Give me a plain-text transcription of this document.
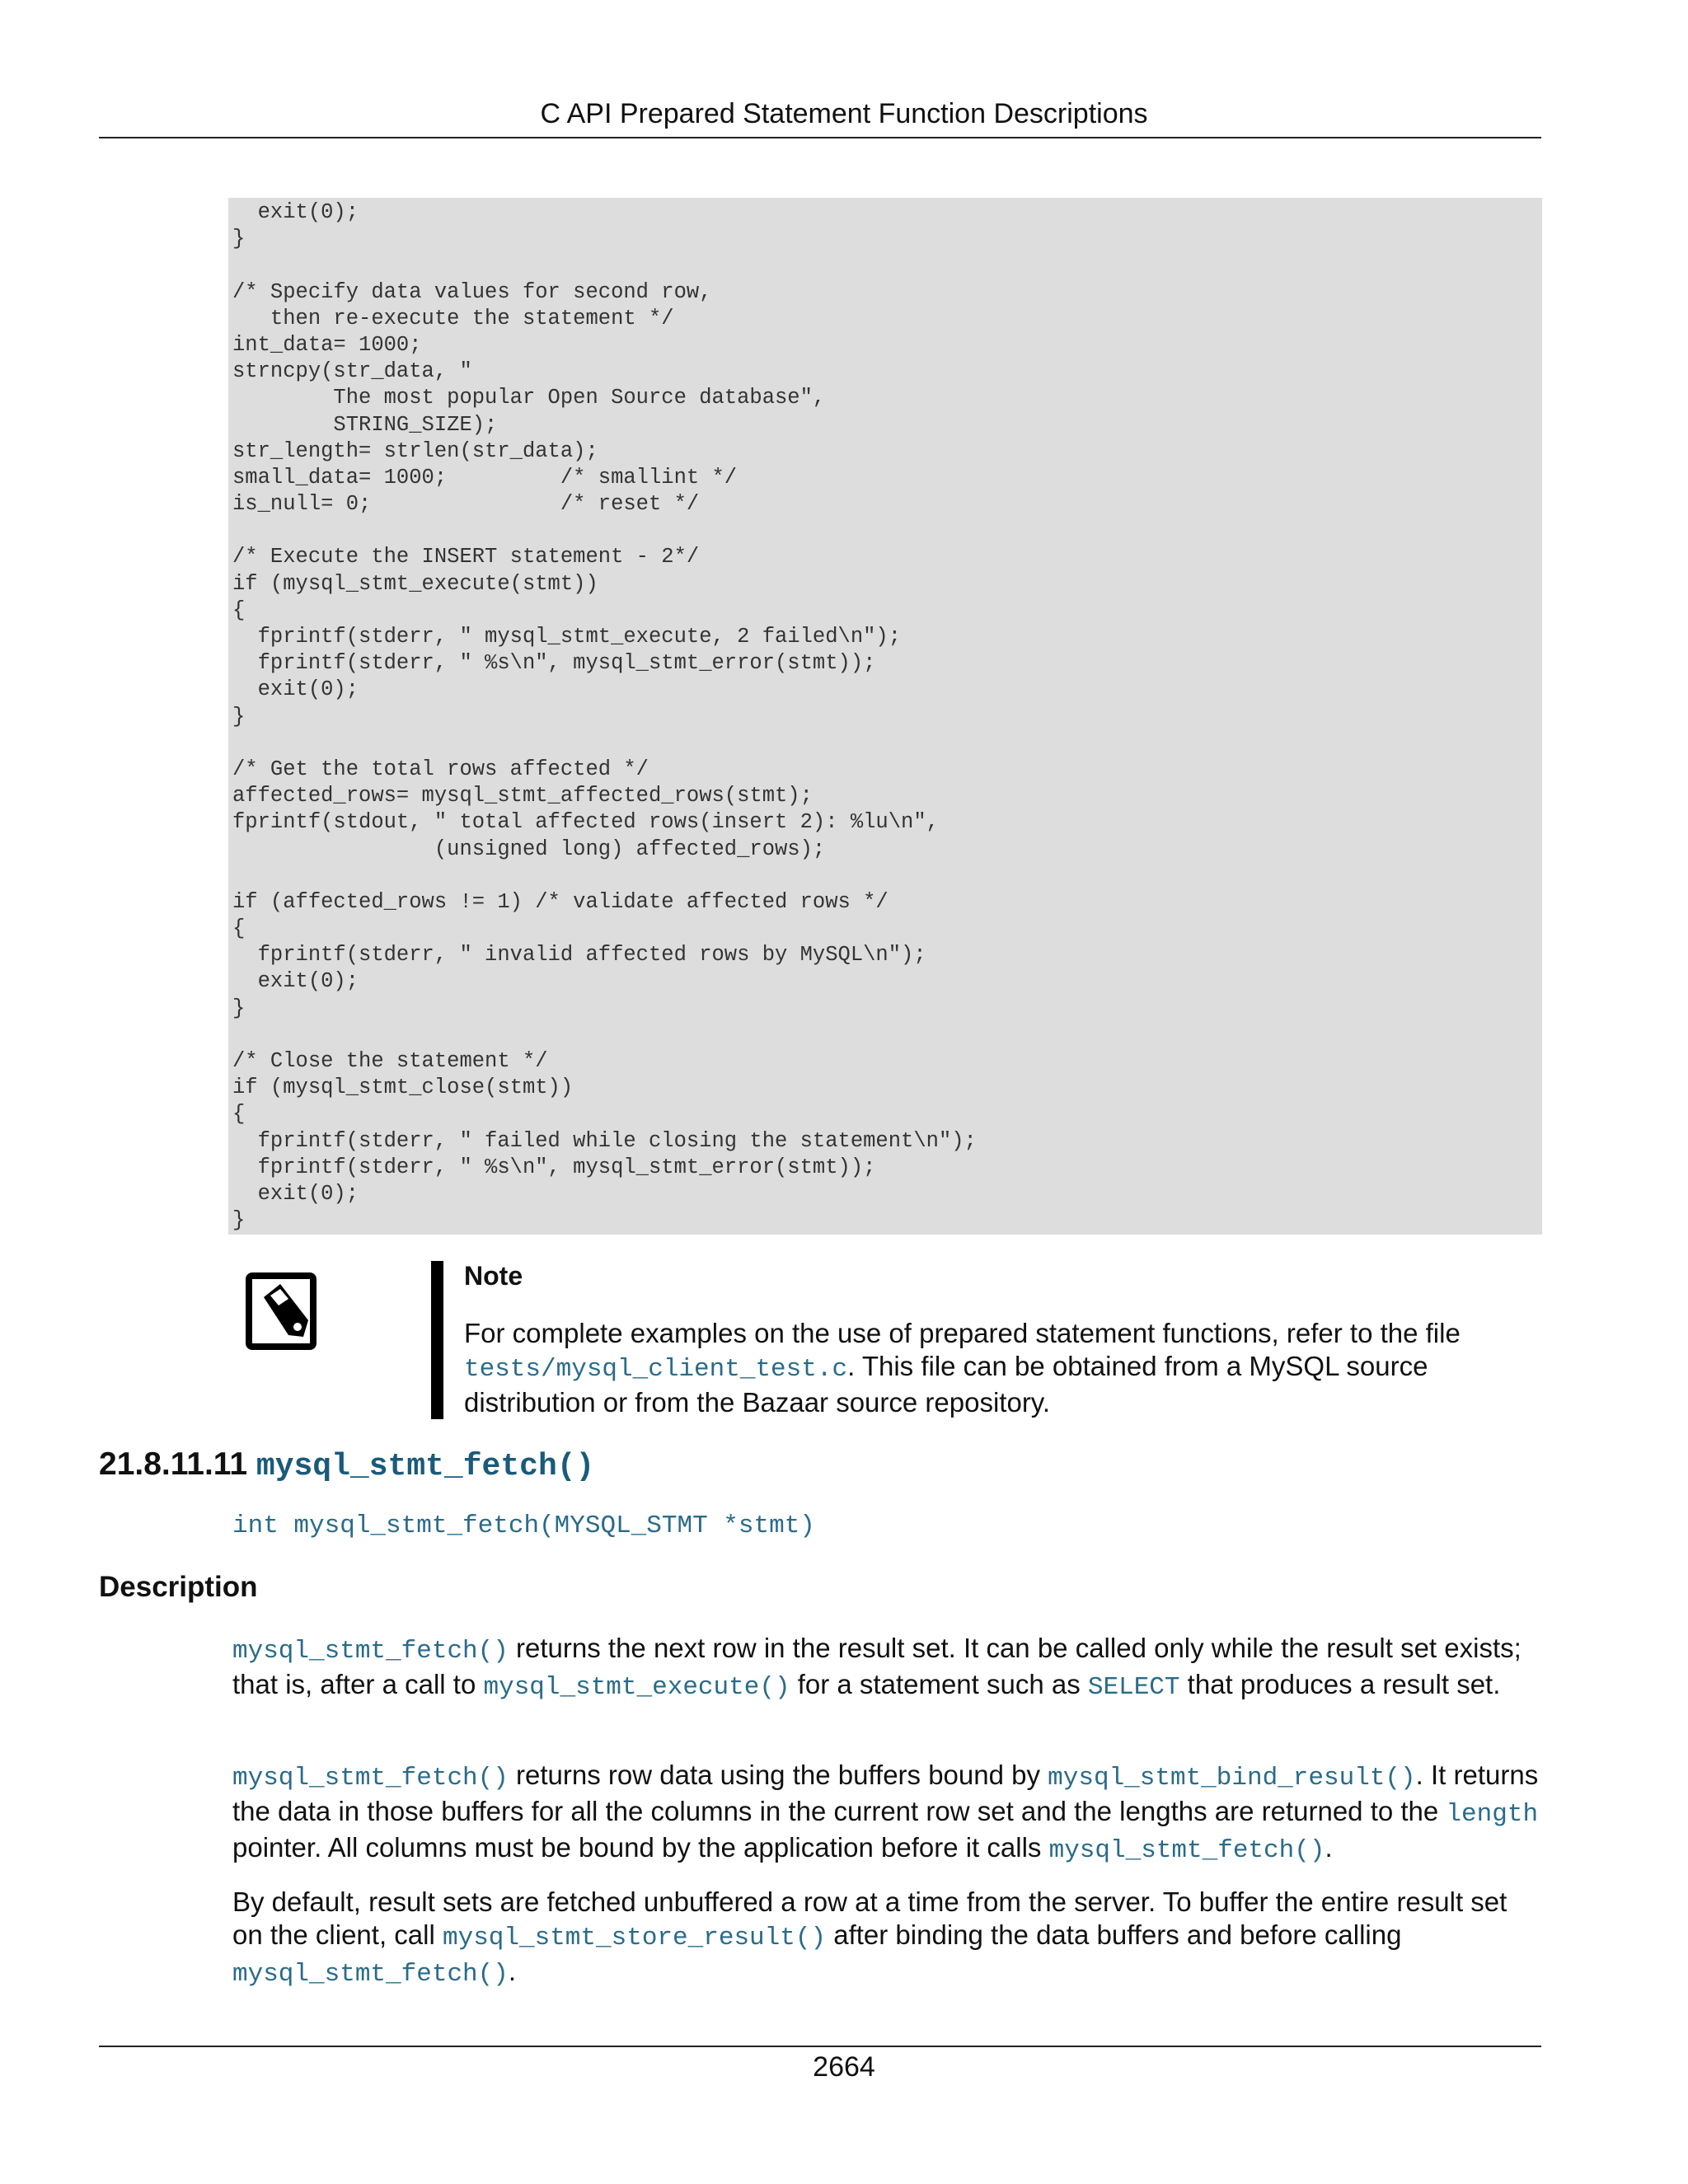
C API Prepared Statement Function Descriptions
exit(0);
}
/* Specify data values for second row,
then re-execute the statement */
int_data= 1000;
strncpy(str_data, "
The most popular Open Source database",
STRING_SIZE);
str_length= strlen(str_data);
small_data= 1000;         /* smallint */
is_null= 0;               /* reset */
/* Execute the INSERT statement - 2*/
if (mysql_stmt_execute(stmt))
{
fprintf(stderr, " mysql_stmt_execute, 2 failed\n");
fprintf(stderr, " %s\n", mysql_stmt_error(stmt));
exit(0);
}
/* Get the total rows affected */
affected_rows= mysql_stmt_affected_rows(stmt);
fprintf(stdout, " total affected rows(insert 2): %lu\n",
(unsigned long) affected_rows);
if (affected_rows != 1) /* validate affected rows */
{
fprintf(stderr, " invalid affected rows by MySQL\n");
exit(0);
}
/* Close the statement */
if (mysql_stmt_close(stmt))
{
fprintf(stderr, " failed while closing the statement\n");
fprintf(stderr, " %s\n", mysql_stmt_error(stmt));
exit(0);
}
Note
For complete examples on the use of prepared statement functions, refer to the file tests/mysql_client_test.c. This file can be obtained from a MySQL source distribution or from the Bazaar source repository.
21.8.11.11 mysql_stmt_fetch()
int mysql_stmt_fetch(MYSQL_STMT *stmt)
Description
mysql_stmt_fetch() returns the next row in the result set. It can be called only while the result set exists; that is, after a call to mysql_stmt_execute() for a statement such as SELECT that produces a result set.
mysql_stmt_fetch() returns row data using the buffers bound by mysql_stmt_bind_result(). It returns the data in those buffers for all the columns in the current row set and the lengths are returned to the length pointer. All columns must be bound by the application before it calls mysql_stmt_fetch().
By default, result sets are fetched unbuffered a row at a time from the server. To buffer the entire result set on the client, call mysql_stmt_store_result() after binding the data buffers and before calling mysql_stmt_fetch().
2664
